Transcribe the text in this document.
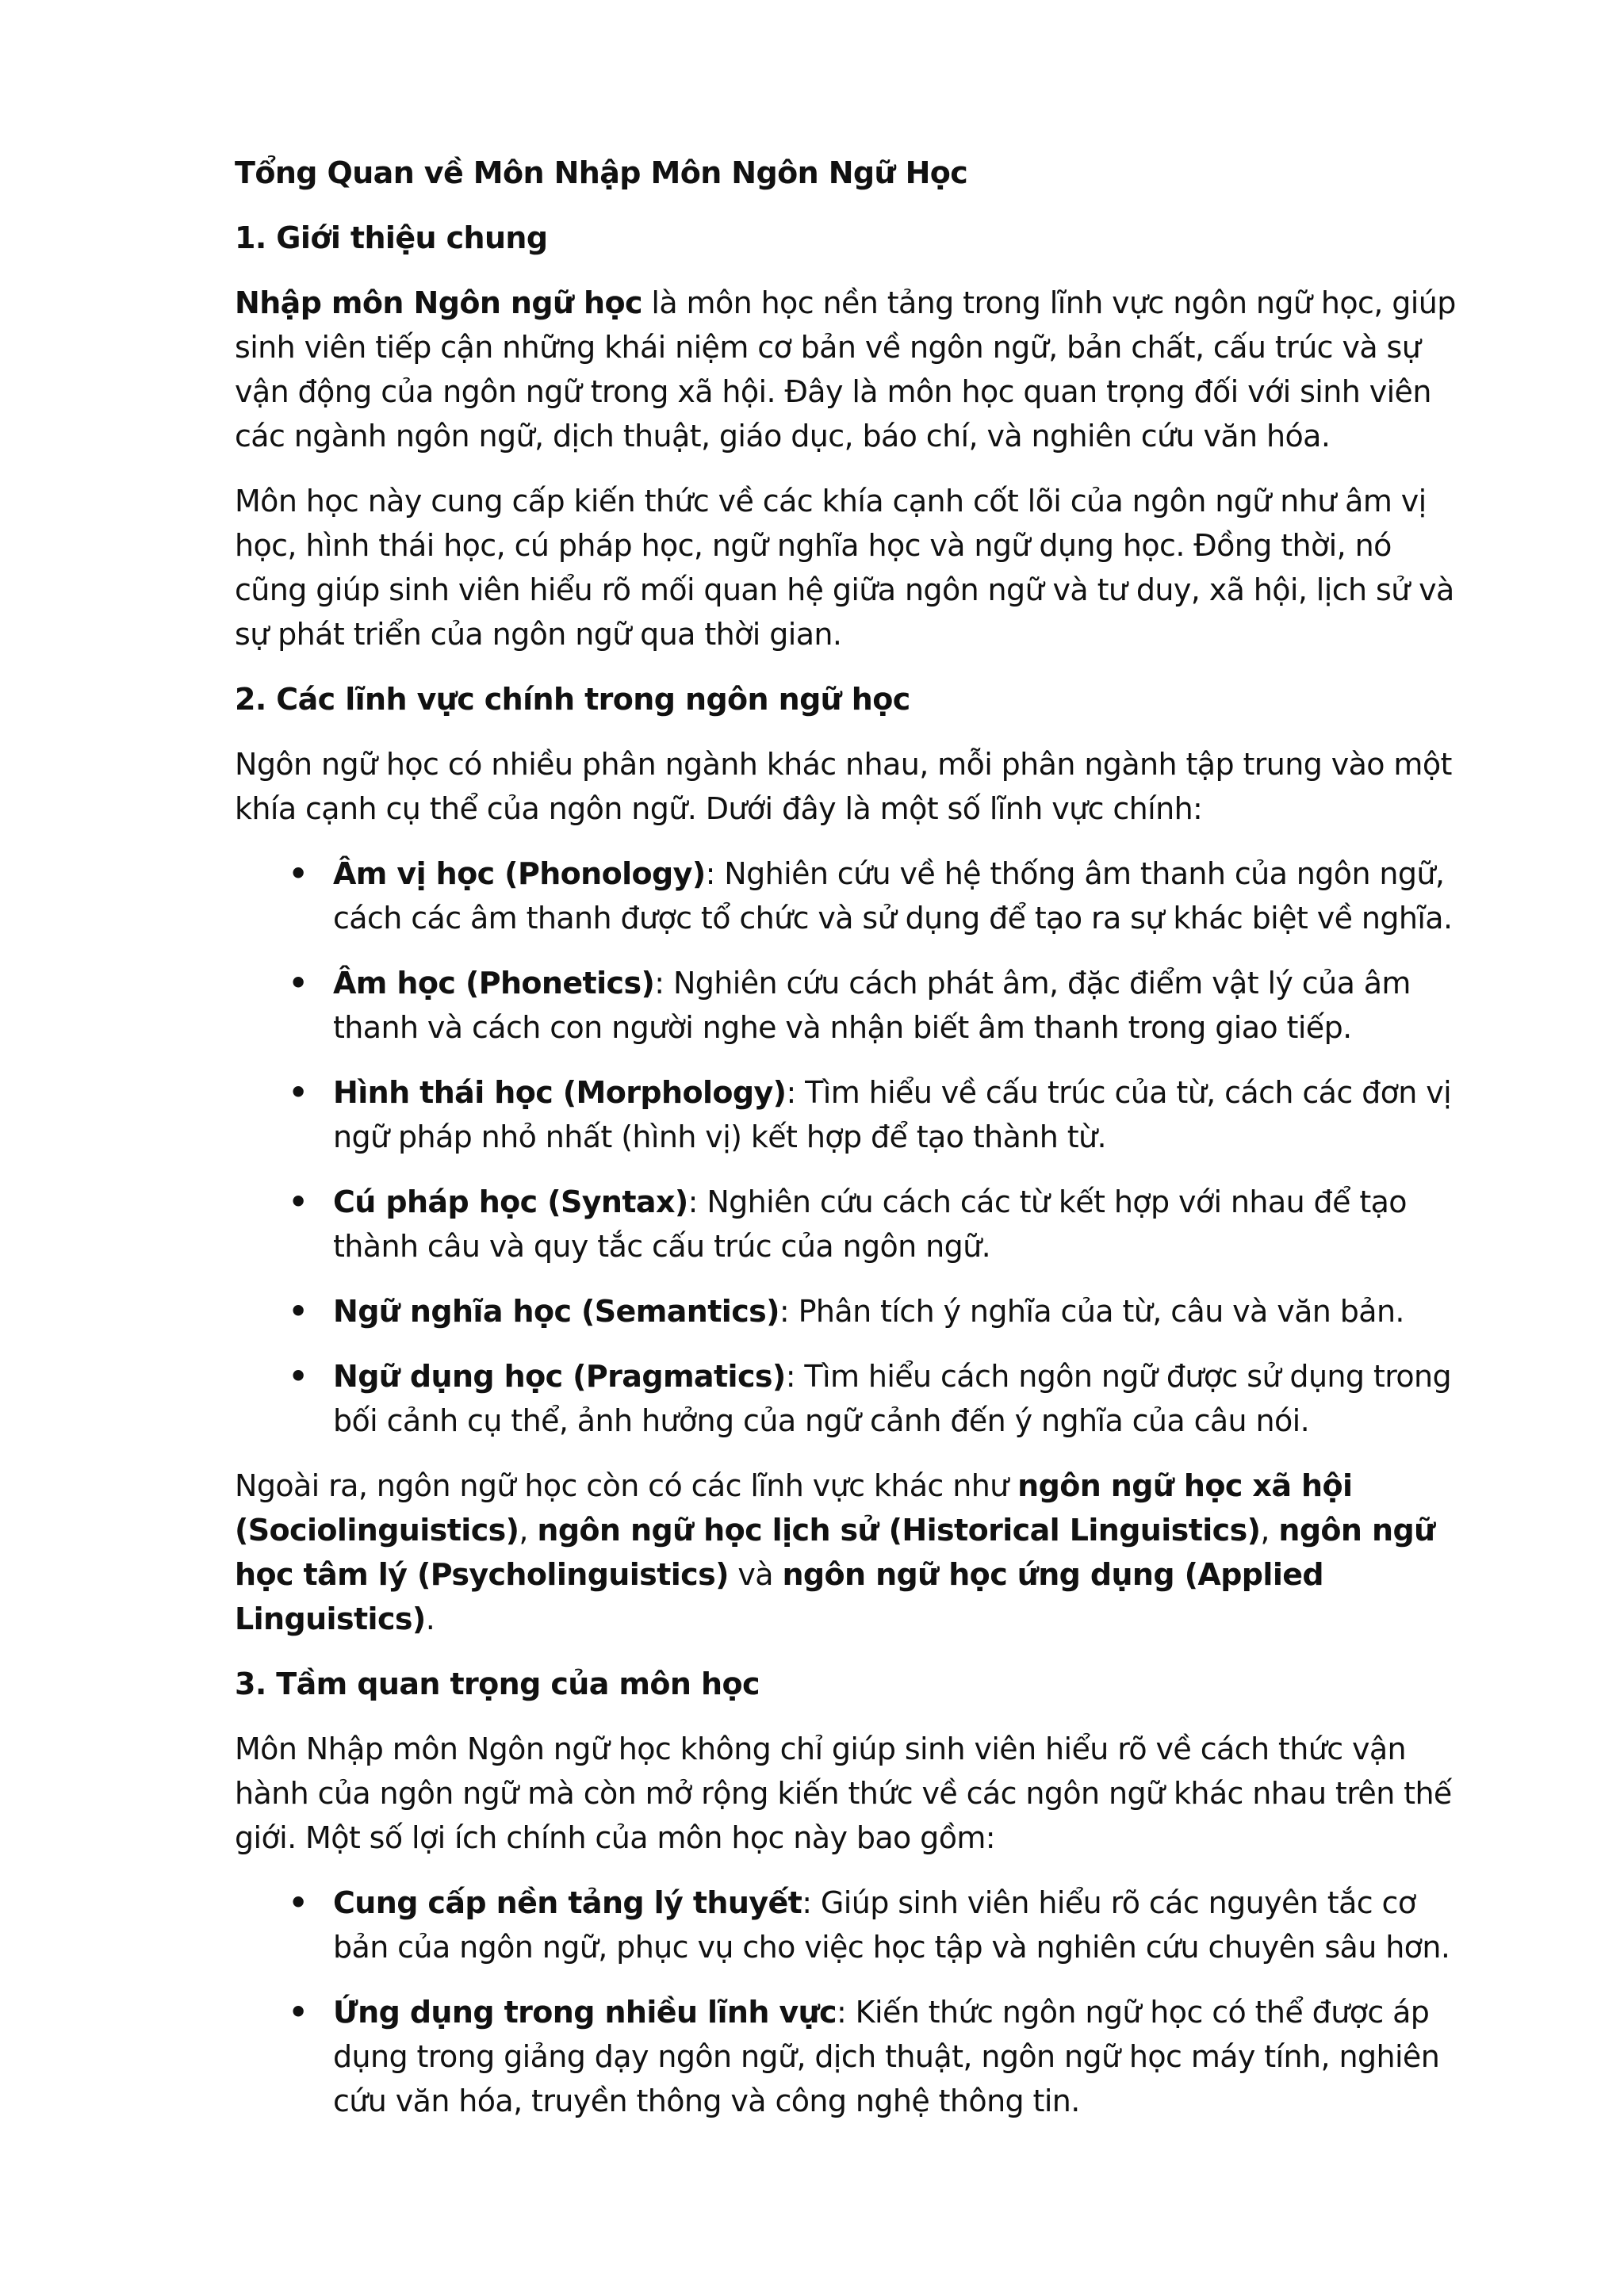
Tổng Quan về Môn Nhập Môn Ngôn Ngữ Học
1. Giới thiệu chung

Nhập môn Ngôn ngữ học là môn học nền tảng trong lĩnh vực ngôn ngữ học, giúp sinh viên tiếp cận những khái niệm cơ bản về ngôn ngữ, bản chất, cấu trúc và sự vận động của ngôn ngữ trong xã hội. Đây là môn học quan trọng đối với sinh viên các ngành ngôn ngữ, dịch thuật, giáo dục, báo chí, và nghiên cứu văn hóa.

Môn học này cung cấp kiến thức về các khía cạnh cốt lõi của ngôn ngữ như âm vị học, hình thái học, cú pháp học, ngữ nghĩa học và ngữ dụng học. Đồng thời, nó cũng giúp sinh viên hiểu rõ mối quan hệ giữa ngôn ngữ và tư duy, xã hội, lịch sử và sự phát triển của ngôn ngữ qua thời gian.

2. Các lĩnh vực chính trong ngôn ngữ học

Ngôn ngữ học có nhiều phân ngành khác nhau, mỗi phân ngành tập trung vào một khía cạnh cụ thể của ngôn ngữ. Dưới đây là một số lĩnh vực chính:

• Âm vị học (Phonology): Nghiên cứu về hệ thống âm thanh của ngôn ngữ, cách các âm thanh được tổ chức và sử dụng để tạo ra sự khác biệt về nghĩa.
• Âm học (Phonetics): Nghiên cứu cách phát âm, đặc điểm vật lý của âm thanh và cách con người nghe và nhận biết âm thanh trong giao tiếp.
• Hình thái học (Morphology): Tìm hiểu về cấu trúc của từ, cách các đơn vị ngữ pháp nhỏ nhất (hình vị) kết hợp để tạo thành từ.
• Cú pháp học (Syntax): Nghiên cứu cách các từ kết hợp với nhau để tạo thành câu và quy tắc cấu trúc của ngôn ngữ.
• Ngữ nghĩa học (Semantics): Phân tích ý nghĩa của từ, câu và văn bản.
• Ngữ dụng học (Pragmatics): Tìm hiểu cách ngôn ngữ được sử dụng trong bối cảnh cụ thể, ảnh hưởng của ngữ cảnh đến ý nghĩa của câu nói.

Ngoài ra, ngôn ngữ học còn có các lĩnh vực khác như ngôn ngữ học xã hội (Sociolinguistics), ngôn ngữ học lịch sử (Historical Linguistics), ngôn ngữ học tâm lý (Psycholinguistics) và ngôn ngữ học ứng dụng (Applied Linguistics).

3. Tầm quan trọng của môn học

Môn Nhập môn Ngôn ngữ học không chỉ giúp sinh viên hiểu rõ về cách thức vận hành của ngôn ngữ mà còn mở rộng kiến thức về các ngôn ngữ khác nhau trên thế giới. Một số lợi ích chính của môn học này bao gồm:

• Cung cấp nền tảng lý thuyết: Giúp sinh viên hiểu rõ các nguyên tắc cơ bản của ngôn ngữ, phục vụ cho việc học tập và nghiên cứu chuyên sâu hơn.
• Ứng dụng trong nhiều lĩnh vực: Kiến thức ngôn ngữ học có thể được áp dụng trong giảng dạy ngôn ngữ, dịch thuật, ngôn ngữ học máy tính, nghiên cứu văn hóa, truyền thông và công nghệ thông tin.
